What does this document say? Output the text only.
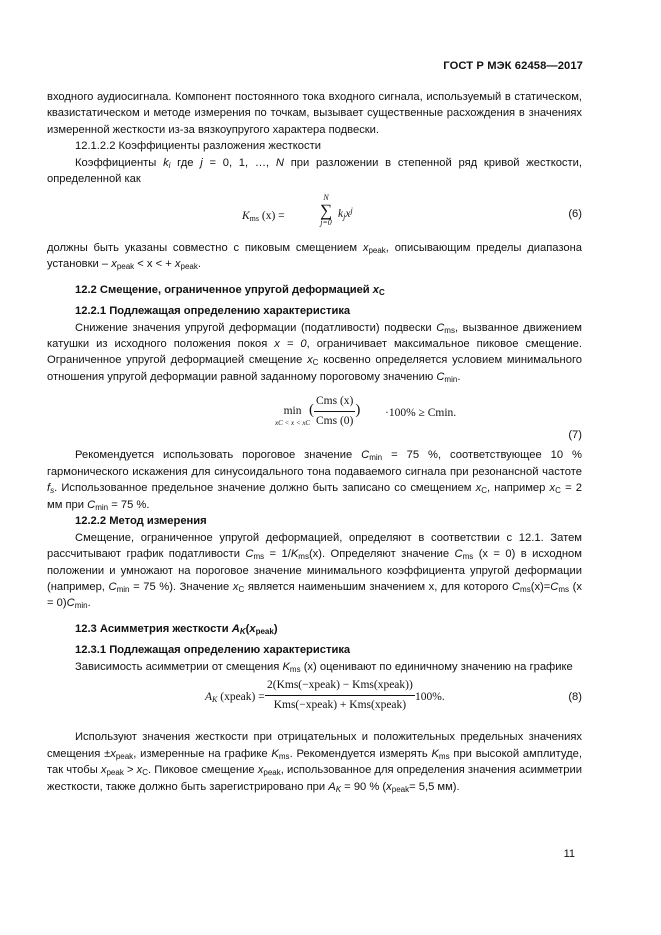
ГОСТ Р МЭК 62458—2017

входного аудиосигнала. Компонент постоянного тока входного сигнала, используемый в статическом, квазистатическом и методе измерения по точкам, вызывает существенные расхождения в значениях измеренной жесткости из-за вязкоупругого характера подвески.

12.1.2.2 Коэффициенты разложения жесткости

Коэффициенты $k_i$ где j = 0, 1, …, N при разложении в степенной ряд кривой жесткости, определенной как

$K_{ms}$ (x) =
N
∑
j=0
$k_jx^j$	(6)

должны быть указаны совместно с пиковым смещением $x_{peak}$, описывающим пределы диапазона установки – $x_{peak} < x$ < + $x_{peak}$.

12.2 Смещение, ограниченное упругой деформацией $x_C$

12.2.1 Подлежащая определению характеристика

Снижение значения упругой деформации (податливости) подвески $C_{ms}$, вызванное движением катушки из исходного положения покоя x = 0, ограничивает максимальное пиковое смещение. Ограниченное упругой деформацией смещение $x_C$ косвенно определяется условием минимального отношения упругой деформации равной заданному пороговому значению $C_{min}$.

min
xC < x < xC
( $\frac{\text{Cms (x)}}{\text{Cms (0)}}$ ) ·100% ≥ Cmin.
(7)

Рекомендуется использовать пороговое значение $C_{min} = 75$ %, соответствующее 10 % гармонического искажения для синусоидального тона подаваемого сигнала при резонансной частоте $f_s$. Использованное предельное значение должно быть записано со смещением $x_C$, например $x_C = 2$ мм при $C_{min} = 75$ %.

12.2.2 Метод измерения

Смещение, ограниченное упругой деформацией, определяют в соответствии с 12.1. Затем рассчитывают график податливости $C_{ms} = 1/K_{ms}(x)$. Определяют значение $C_{ms}$ (x = 0) в исходном положении и умножают на пороговое значение минимального коэффициента упругой деформации (например, $C_{min} = 75$ %). Значение $x_C$ является наименьшим значением x, для которого $C_{ms}(x)=C_{ms}$ $(x = 0)C_{min}$.

12.3 Асимметрия жесткости $A_K(x_{peak})$

12.3.1 Подлежащая определению характеристика

Зависимость асимметрии от смещения $K_{ms}$ (x) оценивают по единичному значению на графике

$A_K$ (xpeak) = $\frac{\text{2(Kms(−xpeak) − Kms(xpeak))}}{\text{Kms(−xpeak) + Kms(xpeak)}} 100\%$.	(8)

Используют значения жесткости при отрицательных и положительных предельных значениях смещения $\pm x_{peak}$, измеренные на графике $K_{ms}$. Рекомендуется измерять $K_{ms}$ при высокой амплитуде, так чтобы $x_{peak} > x_C$. Пиковое смещение $x_{peak}$, использованное для определения значения асимметрии жесткости, также должно быть зарегистрировано при $A_K = 90$ % ($x_{peak}= 5,5$ мм).

11
